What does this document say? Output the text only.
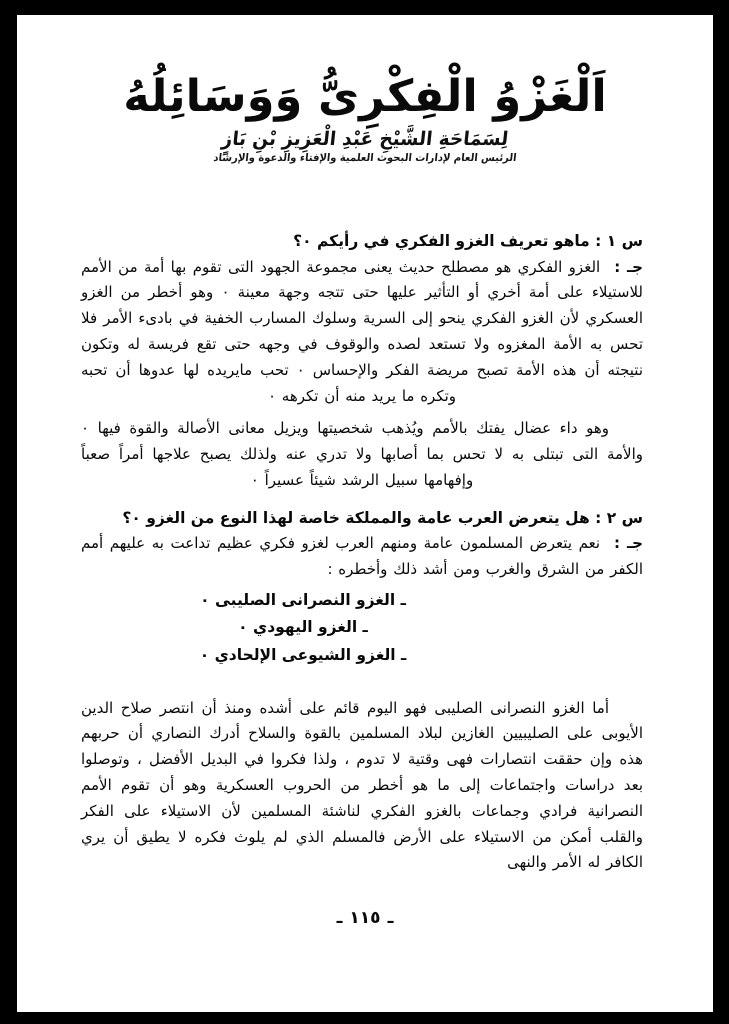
اَلْغَزْوُ الْفِكْرِىُّ وَوَسَائِلُهُ
لِسَمَاحَةِ الشَّيْخِ عَبْدِ الْعَزِيزِ بْنِ بَازٍ
الرئيس العام لإدارات البحوث العلمية والإفتاء والدعوة والإرشاد

س ١ : ماهو تعريف الغزو الفكري في رأيكم ٠؟

جـ :الغزو الفكري هو مصطلح حديث يعنى مجموعة الجهود التى تقوم بها أمة من الأمم للاستيلاء على أمة أخري أو التأثير عليها حتى تتجه وجهة معينة ٠ وهو أخطر من الغزو العسكري لأن الغزو الفكري ينحو إلى السرية وسلوك المسارب الخفية في بادىء الأمر فلا تحس به الأمة المغزوه ولا تستعد لصده والوقوف في وجهه حتى تقع فريسة له وتكون نتيجته أن هذه الأمة تصبح مريضة الفكر والإحساس ٠ تحب مايريده لها عدوها أن تحبه وتكره ما يريد منه أن تكرهه ٠

وهو داء عضال يفتك بالأمم ويُذهب شخصيتها ويزيل معانى الأصالة والقوة فيها ٠ والأمة التى تبتلى به لا تحس بما أصابها ولا تدري عنه ولذلك يصبح علاجها أمراً صعباً وإفهامها سبيل الرشد شيئاً عسيراً ٠

س ٢ : هل يتعرض العرب عامة والمملكة خاصة لهذا النوع من الغزو ٠؟

جـ :نعم يتعرض المسلمون عامة ومنهم العرب لغزو فكري عظيم تداعت به عليهم أمم الكفر من الشرق والغرب ومن أشد ذلك وأخطره :

ـ الغزو النصرانى الصليبى ٠
ـ الغزو اليهودي ٠
ـ الغزو الشيوعى الإلحادي ٠

أما الغزو النصرانى الصليبى فهو اليوم قائم على أشده ومنذ أن انتصر صلاح الدين الأيوبى على الصليبيين الغازين لبلاد المسلمين بالقوة والسلاح أدرك النصاري أن حربهم هذه وإن حققت انتصارات فهى وقتية لا تدوم ، ولذا فكروا في البديل الأفضل ، وتوصلوا بعد دراسات واجتماعات إلى ما هو أخطر من الحروب العسكرية وهو أن تقوم الأمم النصرانية فرادي وجماعات بالغزو الفكري لناشئة المسلمين لأن الاستيلاء على الفكر والقلب أمكن من الاستيلاء على الأرض فالمسلم الذي لم يلوث فكره لا يطيق أن يري الكافر له الأمر والنهى

ـ١١٥ـ
